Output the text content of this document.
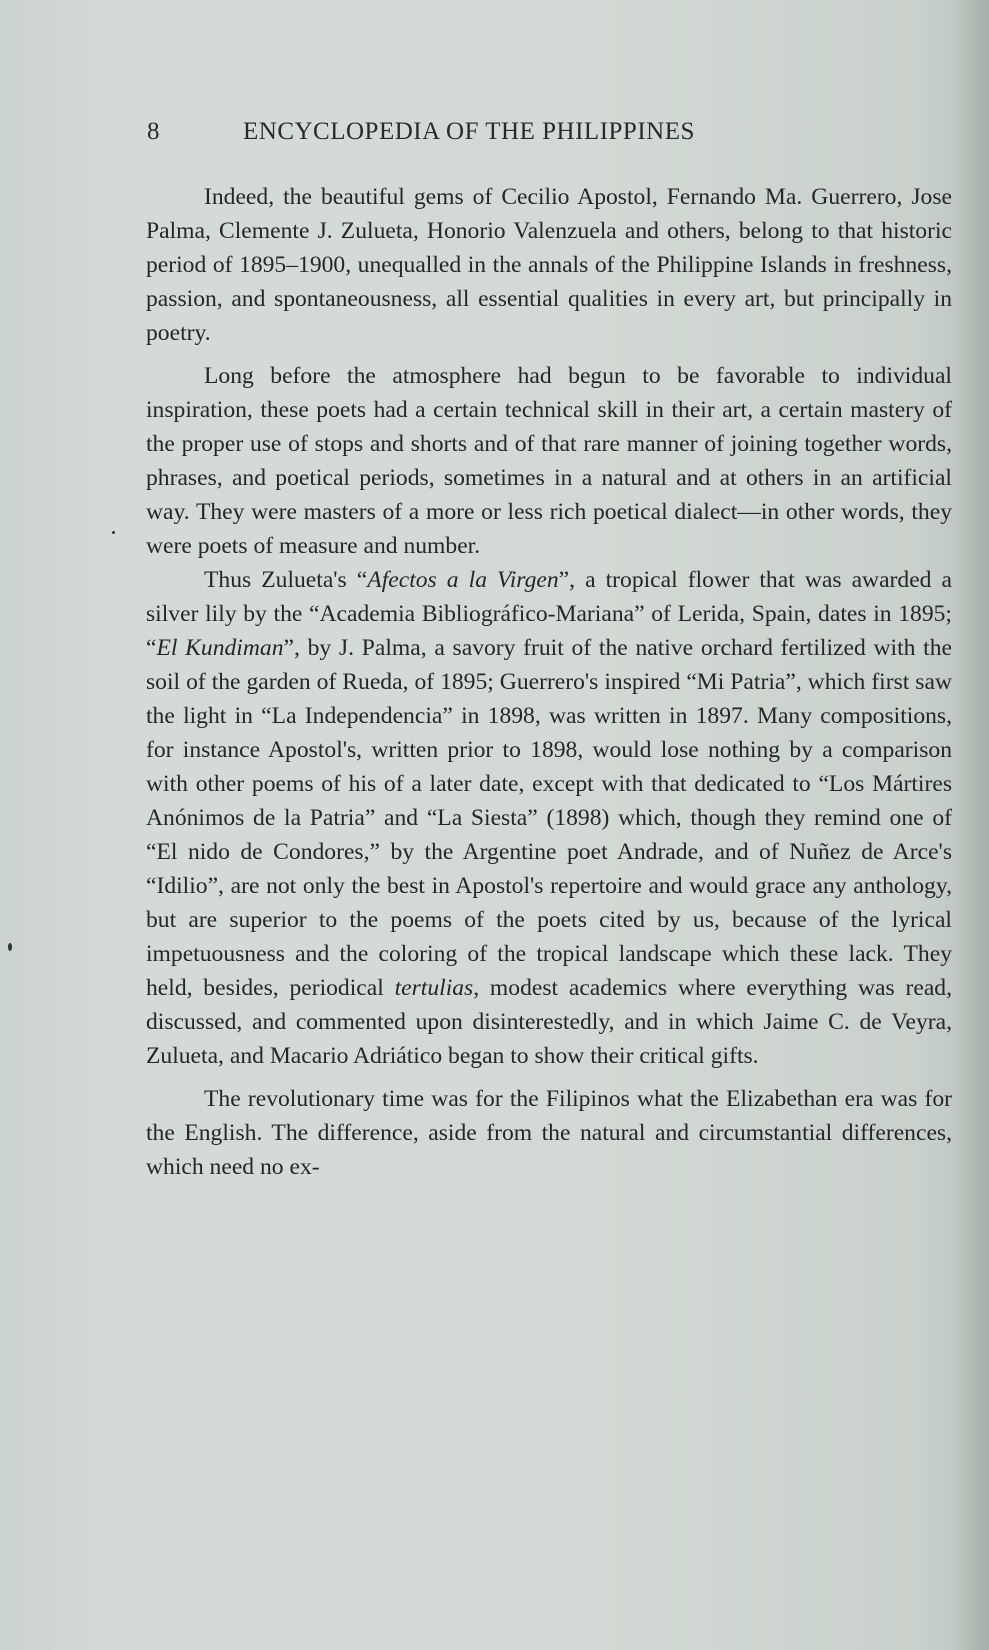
8	ENCYCLOPEDIA OF THE PHILIPPINES

Indeed, the beautiful gems of Cecilio Apostol, Fernando Ma. Guerrero, Jose Palma, Clemente J. Zulueta, Honorio Valenzuela and others, belong to that historic period of 1895–1900, unequalled in the annals of the Philippine Islands in freshness, passion, and spontaneousness, all essential qualities in every art, but principally in poetry.

Long before the atmosphere had begun to be favorable to individual inspiration, these poets had a certain technical skill in their art, a certain mastery of the proper use of stops and shorts and of that rare manner of joining together words, phrases, and poetical periods, sometimes in a natural and at others in an artificial way. They were masters of a more or less rich poetical dialect—in other words, they were poets of measure and number.

Thus Zulueta's “Afectos a la Virgen”, a tropical flower that was awarded a silver lily by the “Academia Bibliográfico-Mariana” of Lerida, Spain, dates in 1895; “El Kundiman”, by J. Palma, a savory fruit of the native orchard fertilized with the soil of the garden of Rueda, of 1895; Guerrero's inspired “Mi Patria”, which first saw the light in “La Independencia” in 1898, was written in 1897. Many compositions, for instance Apostol's, written prior to 1898, would lose nothing by a comparison with other poems of his of a later date, except with that dedicated to “Los Mártires Anónimos de la Patria” and “La Siesta” (1898) which, though they remind one of “El nido de Condores,” by the Argentine poet Andrade, and of Nuñez de Arce's “Idilio”, are not only the best in Apostol's repertoire and would grace any anthology, but are superior to the poems of the poets cited by us, because of the lyrical impetuousness and the coloring of the tropical landscape which these lack. They held, besides, periodical tertulias, modest academics where everything was read, discussed, and commented upon disinterestedly, and in which Jaime C. de Veyra, Zulueta, and Macario Adriático began to show their critical gifts.

The revolutionary time was for the Filipinos what the Elizabethan era was for the English. The difference, aside from the natural and circumstantial differences, which need no ex-
